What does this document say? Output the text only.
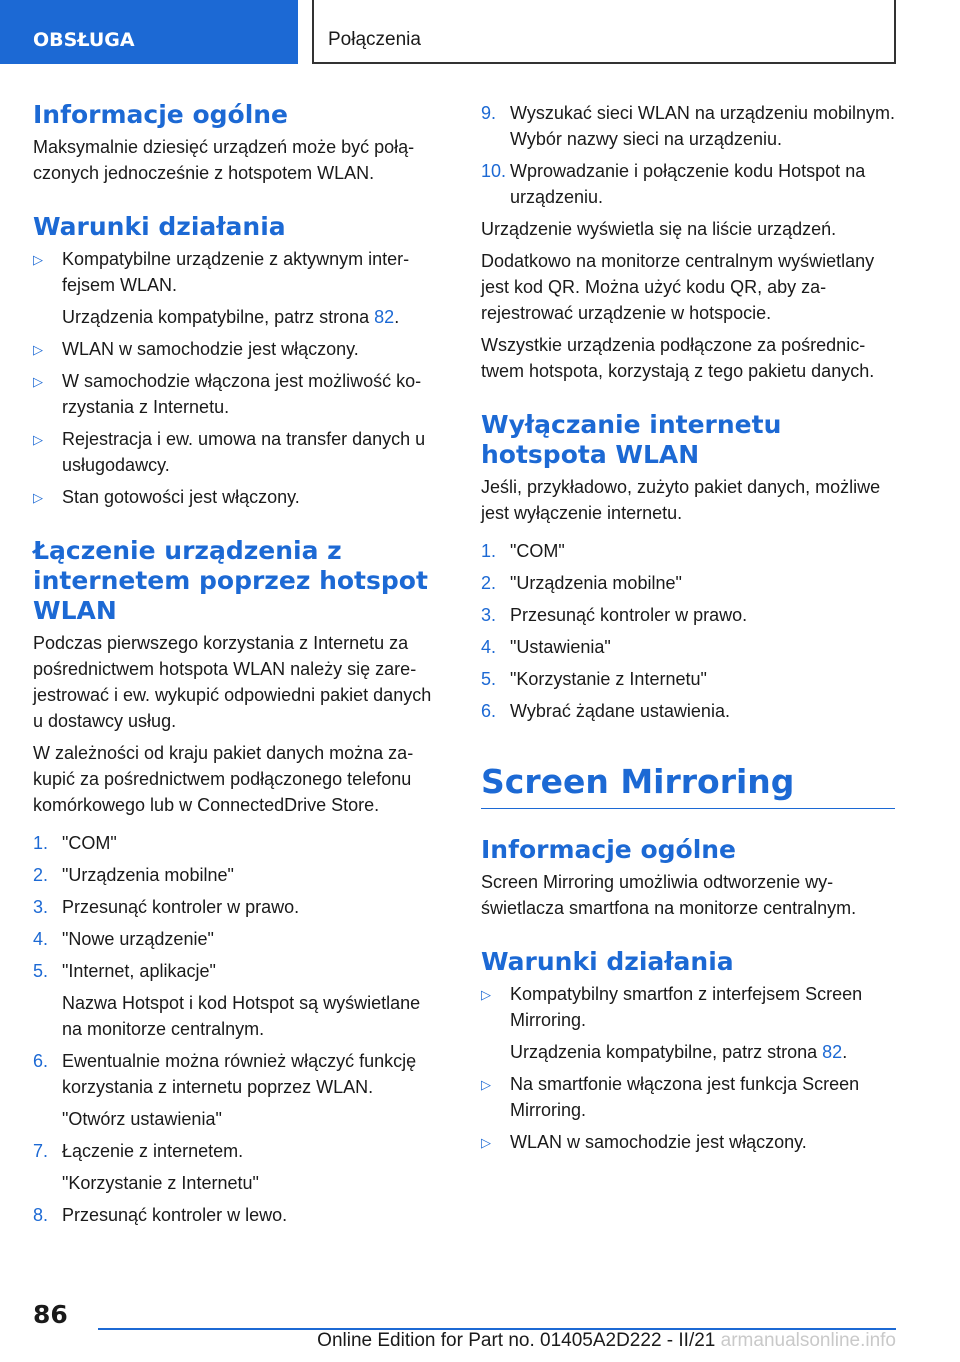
OBSŁUGA	Połączenia
Informacje ogólne

Maksymalnie dziesięć urządzeń może być połączonych jednocześnie z hotspotem WLAN.

Warunki działania
▷ Kompatybilne urządzenie z aktywnym interfejsem WLAN.
Urządzenia kompatybilne, patrz strona 82.
▷ WLAN w samochodzie jest włączony.
▷ W samochodzie włączona jest możliwość korzystania z Internetu.
▷ Rejestracja i ew. umowa na transfer danych u usługodawcy.
▷ Stan gotowości jest włączony.
Łączenie urządzenia z internetem poprzez hotspot WLAN

Podczas pierwszego korzystania z Internetu za pośrednictwem hotspota WLAN należy się zarejestrować i ew. wykupić odpowiedni pakiet danych u dostawcy usług.

W zależności od kraju pakiet danych można zakupić za pośrednictwem podłączonego telefonu komórkowego lub w ConnectedDrive Store.

1. "COM"
2. "Urządzenia mobilne"
3. Przesunąć kontroler w prawo.
4. "Nowe urządzenie"
5. "Internet, aplikacje"
Nazwa Hotspot i kod Hotspot są wyświetlane na monitorze centralnym.
6. Ewentualnie można również włączyć funkcję korzystania z internetu poprzez WLAN.
"Otwórz ustawienia"
7. Łączenie z internetem.
"Korzystanie z Internetu"
8. Przesunąć kontroler w lewo.
9. Wyszukać sieci WLAN na urządzeniu mobilnym. Wybór nazwy sieci na urządzeniu.
10. Wprowadzanie i połączenie kodu Hotspot na urządzeniu.

Urządzenie wyświetla się na liście urządzeń.

Dodatkowo na monitorze centralnym wyświetlany jest kod QR. Można użyć kodu QR, aby zarejestrować urządzenie w hotspocie.

Wszystkie urządzenia podłączone za pośrednictwem hotspota, korzystają z tego pakietu danych.

Wyłączanie internetu hotspota WLAN

Jeśli, przykładowo, zużyto pakiet danych, możliwe jest wyłączenie internetu.

1. "COM"
2. "Urządzenia mobilne"
3. Przesunąć kontroler w prawo.
4. "Ustawienia"
5. "Korzystanie z Internetu"
6. Wybrać żądane ustawienia.
Screen Mirroring
Informacje ogólne

Screen Mirroring umożliwia odtworzenie wyświetlacza smartfona na monitorze centralnym.

Warunki działania
▷ Kompatybilny smartfon z interfejsem Screen Mirroring.
Urządzenia kompatybilne, patrz strona 82.
▷ Na smartfonie włączona jest funkcja Screen Mirroring.
▷ WLAN w samochodzie jest włączony.
86
Online Edition for Part no. 01405A2D222 - II/21 armanualsonline.info
